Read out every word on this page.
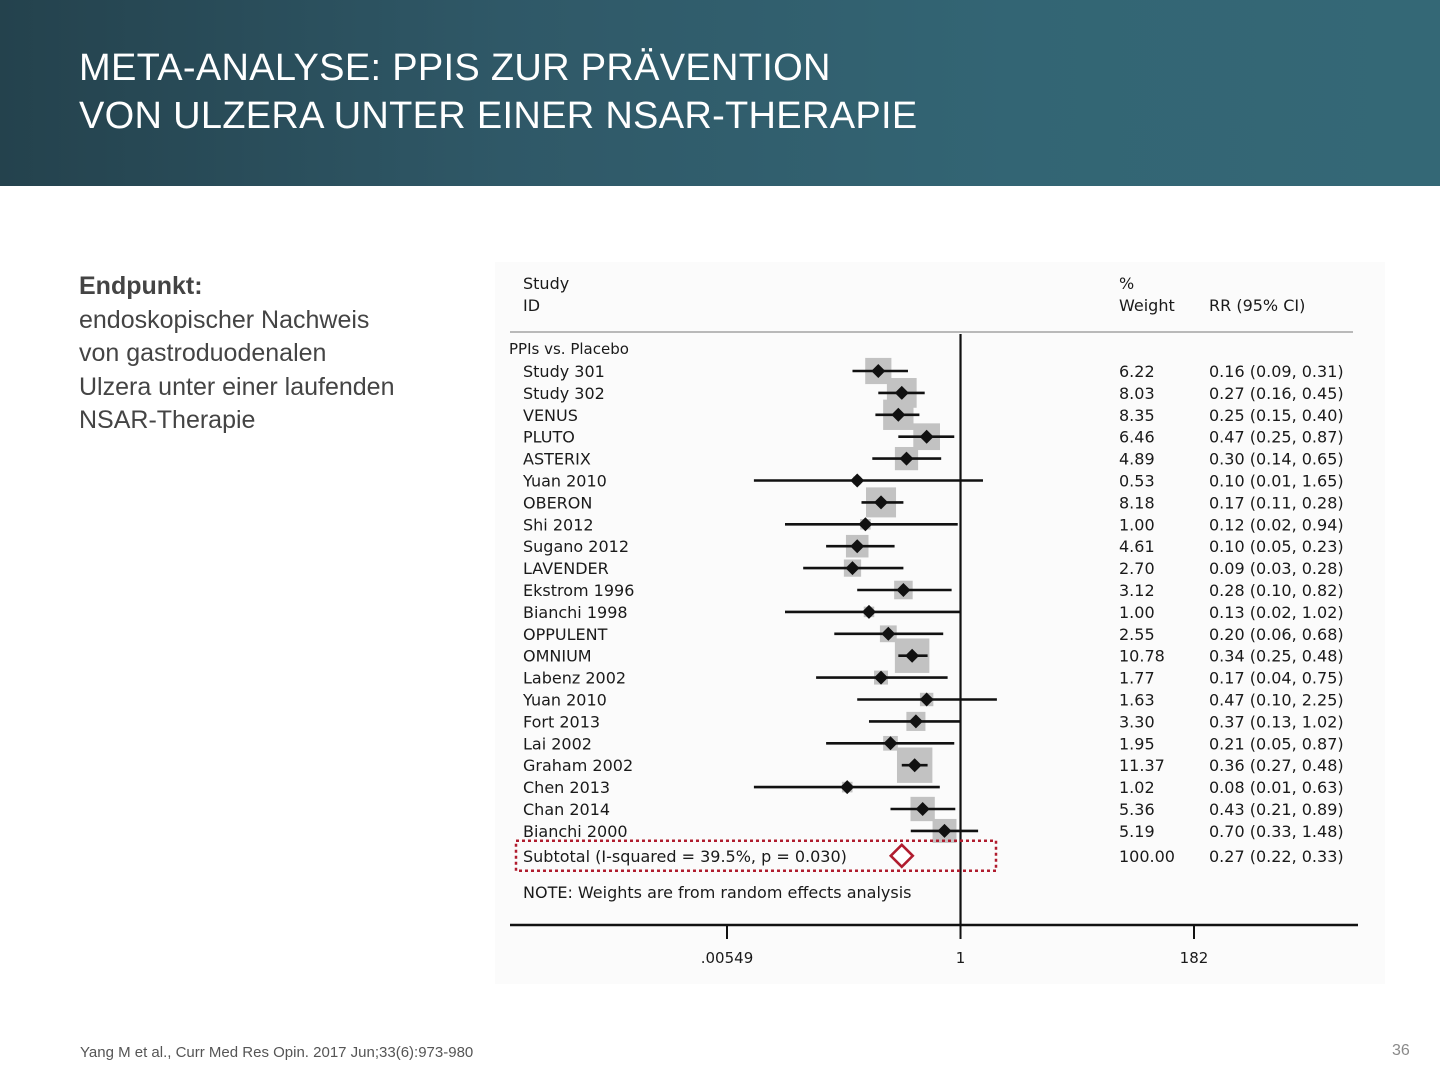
META-ANALYSE: PPIS ZUR PRÄVENTION
VON ULZERA UNTER EINER NSAR-THERAPIE
Endpunkt:
endoskopischer Nachweis
von gastroduodenalen
Ulzera unter einer laufenden
NSAR-Therapie
Study
ID
%
Weight RR (95% CI)
PPIs vs. Placebo
Study 301	6.22	0.16 (0.09, 0.31)
Study 302	8.03	0.27 (0.16, 0.45)
VENUS	8.35	0.25 (0.15, 0.40)
PLUTO	6.46	0.47 (0.25, 0.87)
ASTERIX	4.89	0.30 (0.14, 0.65)
Yuan 2010	0.53	0.10 (0.01, 1.65)
OBERON	8.18	0.17 (0.11, 0.28)
Shi 2012	1.00	0.12 (0.02, 0.94)
Sugano 2012	4.61	0.10 (0.05, 0.23)
LAVENDER	2.70	0.09 (0.03, 0.28)
Ekstrom 1996	3.12	0.28 (0.10, 0.82)
Bianchi 1998	1.00	0.13 (0.02, 1.02)
OPPULENT	2.55	0.20 (0.06, 0.68)
OMNIUM	10.78	0.34 (0.25, 0.48)
Labenz 2002	1.77	0.17 (0.04, 0.75)
Yuan 2010	1.63	0.47 (0.10, 2.25)
Fort 2013	3.30	0.37 (0.13, 1.02)
Lai 2002	1.95	0.21 (0.05, 0.87)
Graham 2002	11.37	0.36 (0.27, 0.48)
Chen 2013	1.02	0.08 (0.01, 0.63)
Chan 2014	5.36	0.43 (0.21, 0.89)
Bianchi 2000	5.19	0.70 (0.33, 1.48)
Subtotal (I-squared = 39.5%, p = 0.030)	100.00 0.27 (0.22, 0.33)
NOTE: Weights are from random effects analysis
.00549	1	182
Yang M et al., Curr Med Res Opin. 2017 Jun;33(6):973-980	36
